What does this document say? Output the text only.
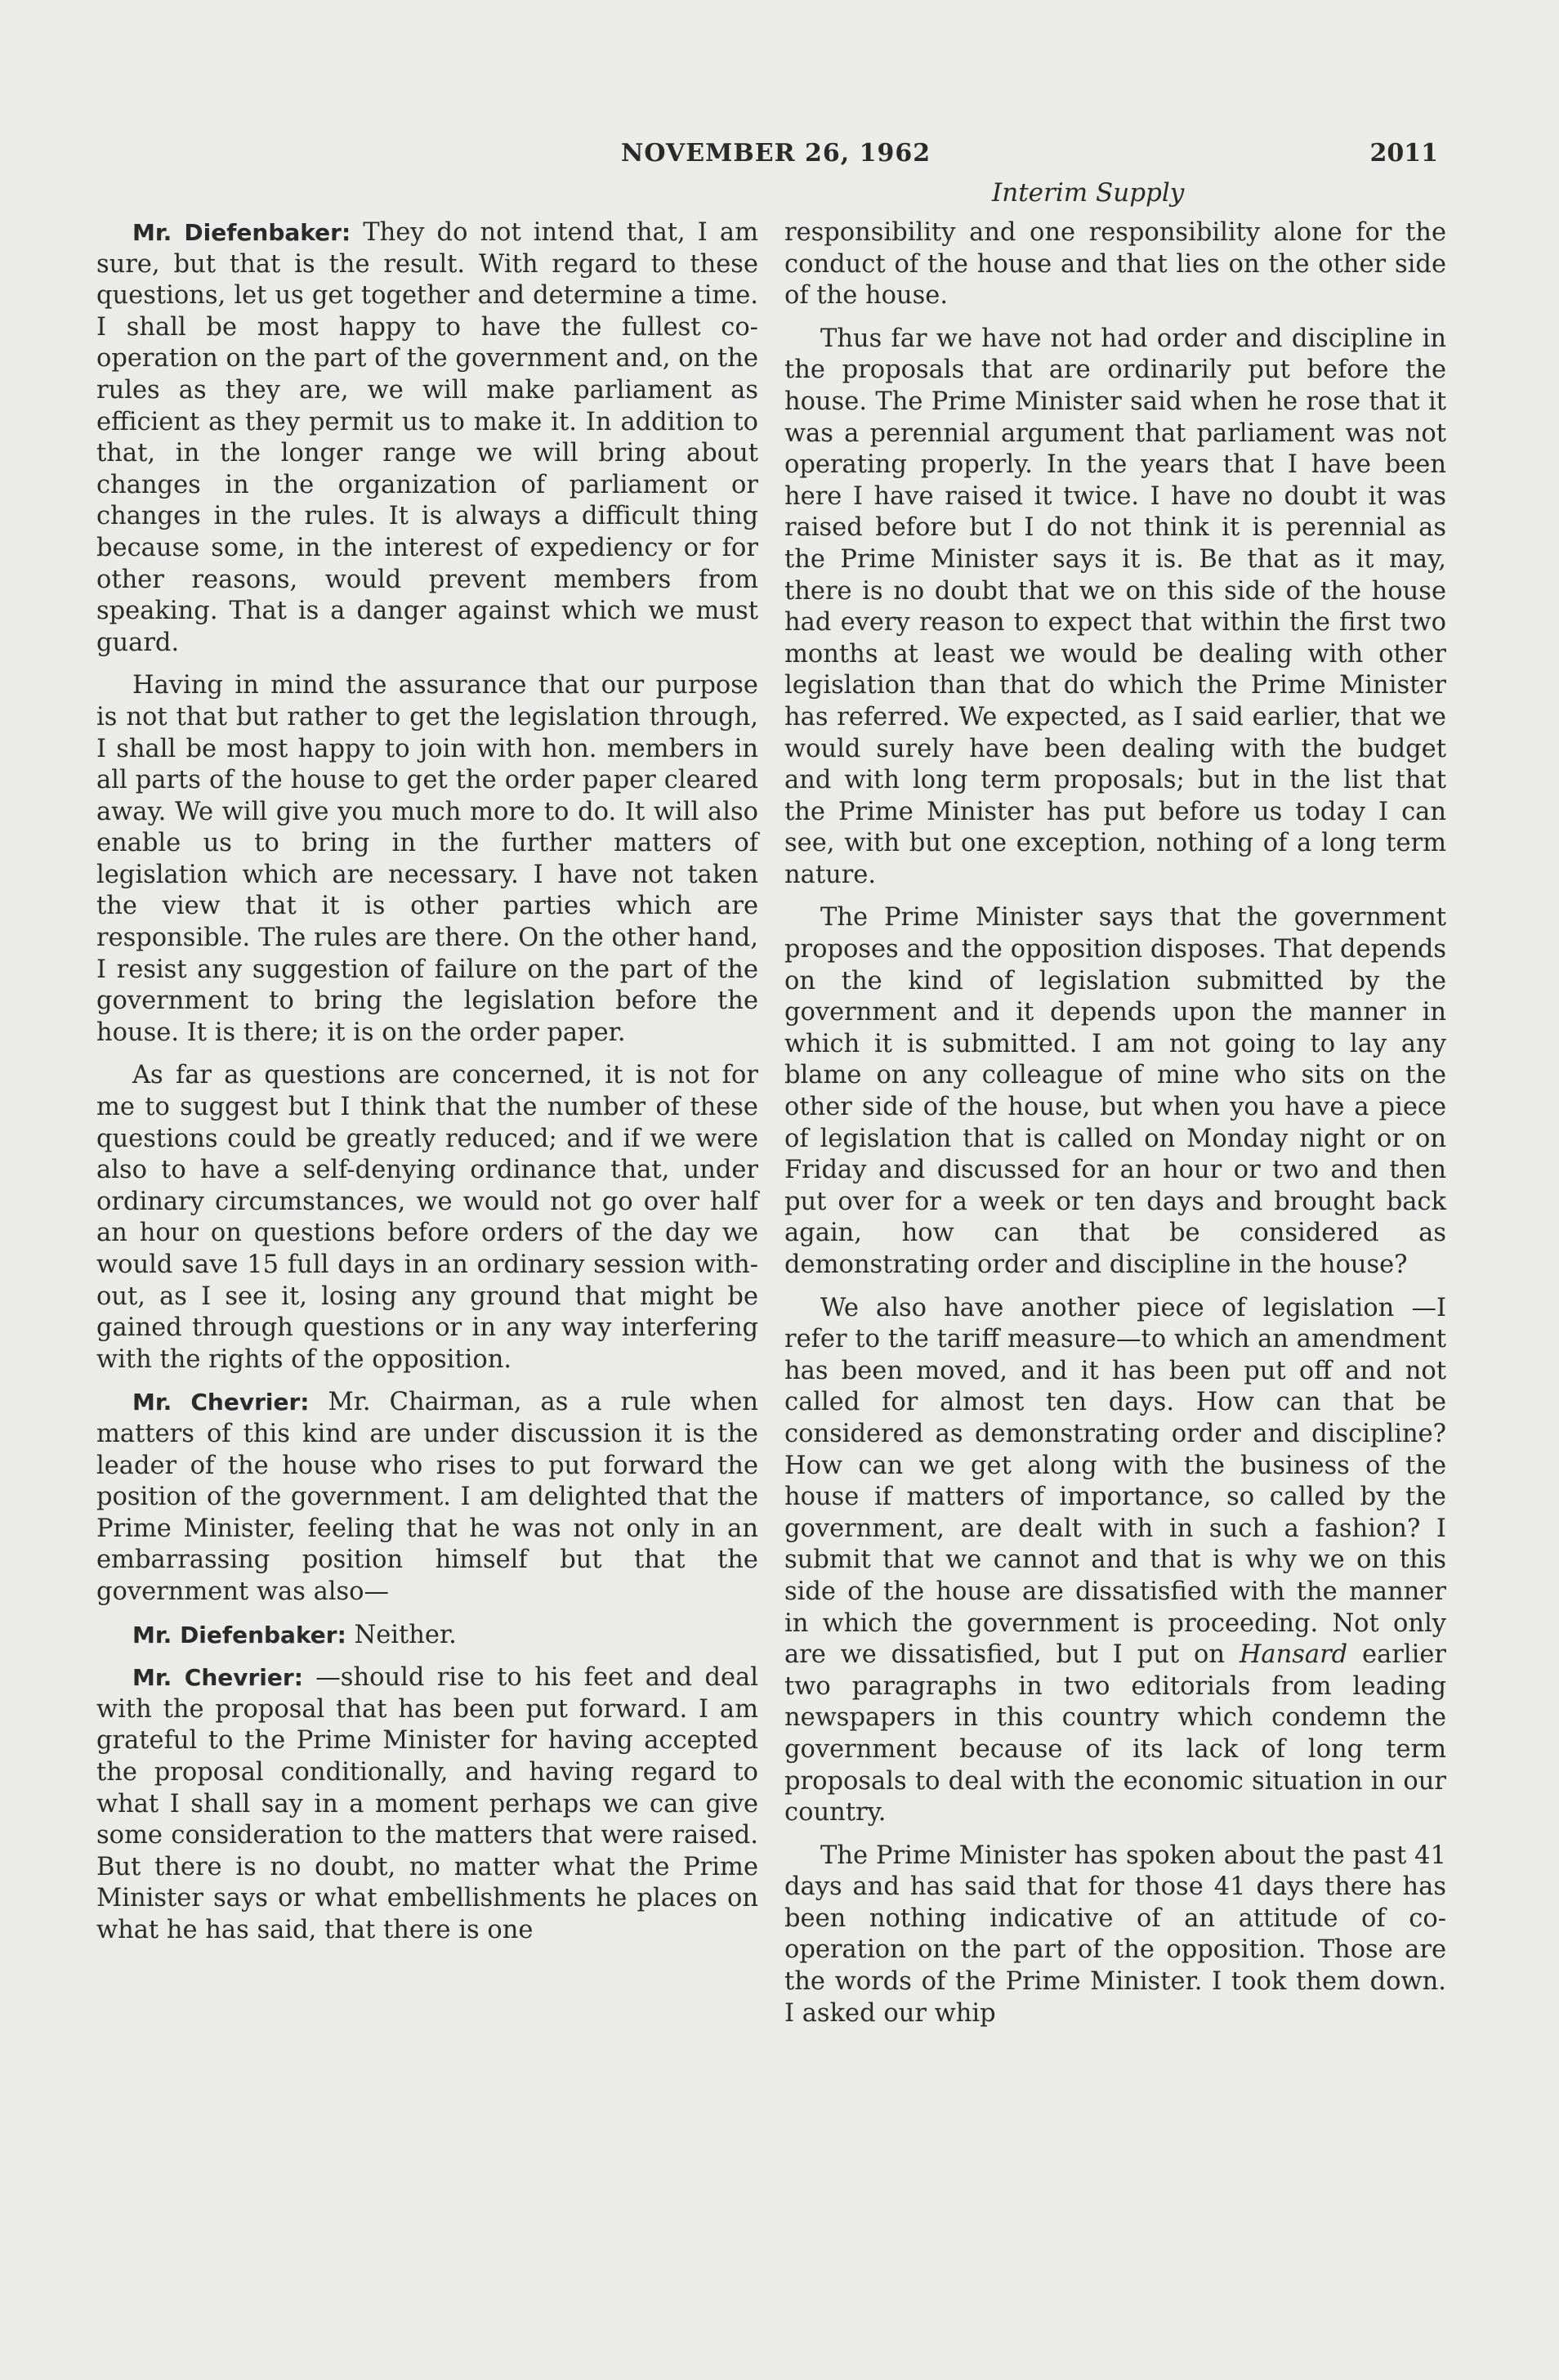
NOVEMBER 26, 1962	2011
Interim Supply

Mr. Diefenbaker: They do not intend that, I am sure, but that is the result. With regard to these questions, let us get together and determine a time. I shall be most happy to have the fullest co-operation on the part of the government and, on the rules as they are, we will make parliament as efficient as they permit us to make it. In addition to that, in the longer range we will bring about changes in the organization of parliament or changes in the rules. It is always a difficult thing because some, in the interest of expediency or for other reasons, would prevent members from speaking. That is a danger against which we must guard.

Having in mind the assurance that our purpose is not that but rather to get the legislation through, I shall be most happy to join with hon. members in all parts of the house to get the order paper cleared away. We will give you much more to do. It will also enable us to bring in the further matters of legislation which are necessary. I have not taken the view that it is other parties which are responsible. The rules are there. On the other hand, I resist any suggestion of failure on the part of the government to bring the legislation before the house. It is there; it is on the order paper.

As far as questions are concerned, it is not for me to suggest but I think that the number of these questions could be greatly reduced; and if we were also to have a self-denying ordinance that, under ordinary circumstances, we would not go over half an hour on questions before orders of the day we would save 15 full days in an ordinary session without, as I see it, losing any ground that might be gained through questions or in any way interfering with the rights of the opposition.

Mr. Chevrier: Mr. Chairman, as a rule when matters of this kind are under discussion it is the leader of the house who rises to put forward the position of the government. I am delighted that the Prime Minister, feeling that he was not only in an embarrassing position himself but that the government was also—

Mr. Diefenbaker: Neither.

Mr. Chevrier: —should rise to his feet and deal with the proposal that has been put forward. I am grateful to the Prime Minister for having accepted the proposal conditionally, and having regard to what I shall say in a moment perhaps we can give some consideration to the matters that were raised. But there is no doubt, no matter what the Prime Minister says or what embellishments he places on what he has said, that there is one

responsibility and one responsibility alone for the conduct of the house and that lies on the other side of the house.

Thus far we have not had order and discipline in the proposals that are ordinarily put before the house. The Prime Minister said when he rose that it was a perennial argument that parliament was not operating properly. In the years that I have been here I have raised it twice. I have no doubt it was raised before but I do not think it is perennial as the Prime Minister says it is. Be that as it may, there is no doubt that we on this side of the house had every reason to expect that within the first two months at least we would be dealing with other legislation than that do which the Prime Minister has referred. We expected, as I said earlier, that we would surely have been dealing with the budget and with long term proposals; but in the list that the Prime Minister has put before us today I can see, with but one exception, nothing of a long term nature.

The Prime Minister says that the government proposes and the opposition disposes. That depends on the kind of legislation submitted by the government and it depends upon the manner in which it is submitted. I am not going to lay any blame on any colleague of mine who sits on the other side of the house, but when you have a piece of legislation that is called on Monday night or on Friday and discussed for an hour or two and then put over for a week or ten days and brought back again, how can that be considered as demonstrating order and discipline in the house?

We also have another piece of legislation —I refer to the tariff measure—to which an amendment has been moved, and it has been put off and not called for almost ten days. How can that be considered as demonstrating order and discipline? How can we get along with the business of the house if matters of importance, so called by the government, are dealt with in such a fashion? I submit that we cannot and that is why we on this side of the house are dissatisfied with the manner in which the government is proceeding. Not only are we dissatisfied, but I put on Hansard earlier two paragraphs in two editorials from leading newspapers in this country which condemn the government because of its lack of long term proposals to deal with the economic situation in our country.

The Prime Minister has spoken about the past 41 days and has said that for those 41 days there has been nothing indicative of an attitude of co-operation on the part of the opposition. Those are the words of the Prime Minister. I took them down. I asked our whip
